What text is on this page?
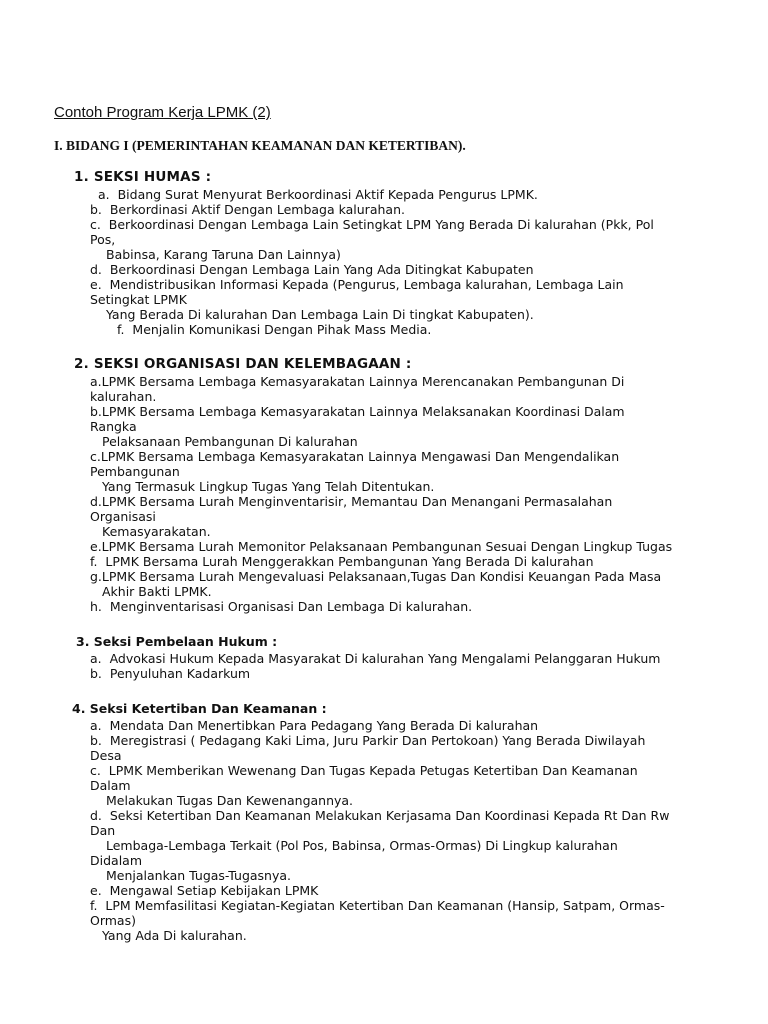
Contoh Program Kerja LPMK (2)
I. BIDANG I (PEMERINTAHAN KEAMANAN DAN KETERTIBAN).
1. SEKSI HUMAS :
a.  Bidang Surat Menyurat Berkoordinasi Aktif Kepada Pengurus LPMK.
b.  Berkordinasi Aktif Dengan Lembaga kalurahan.
c.  Berkoordinasi Dengan Lembaga Lain Setingkat LPM Yang Berada Di kalurahan (Pkk, Pol
Pos,
Babinsa, Karang Taruna Dan Lainnya)
d.  Berkoordinasi Dengan Lembaga Lain Yang Ada Ditingkat Kabupaten
e.  Mendistribusikan Informasi Kepada (Pengurus, Lembaga kalurahan, Lembaga Lain
Setingkat LPMK
Yang Berada Di kalurahan Dan Lembaga Lain Di tingkat Kabupaten).
f.  Menjalin Komunikasi Dengan Pihak Mass Media.
2. SEKSI ORGANISASI DAN KELEMBAGAAN :
a.LPMK Bersama Lembaga Kemasyarakatan Lainnya Merencanakan Pembangunan Di
kalurahan.
b.LPMK Bersama Lembaga Kemasyarakatan Lainnya Melaksanakan Koordinasi Dalam
Rangka
Pelaksanaan Pembangunan Di kalurahan
c.LPMK Bersama Lembaga Kemasyarakatan Lainnya Mengawasi Dan Mengendalikan
Pembangunan
Yang Termasuk Lingkup Tugas Yang Telah Ditentukan.
d.LPMK Bersama Lurah Menginventarisir, Memantau Dan Menangani Permasalahan
Organisasi
Kemasyarakatan.
e.LPMK Bersama Lurah Memonitor Pelaksanaan Pembangunan Sesuai Dengan Lingkup Tugas
f.  LPMK Bersama Lurah Menggerakkan Pembangunan Yang Berada Di kalurahan
g.LPMK Bersama Lurah Mengevaluasi Pelaksanaan,Tugas Dan Kondisi Keuangan Pada Masa
Akhir Bakti LPMK.
h.  Menginventarisasi Organisasi Dan Lembaga Di kalurahan.
3. Seksi Pembelaan Hukum :
a.  Advokasi Hukum Kepada Masyarakat Di kalurahan Yang Mengalami Pelanggaran Hukum
b.  Penyuluhan Kadarkum
4. Seksi Ketertiban Dan Keamanan :
a.  Mendata Dan Menertibkan Para Pedagang Yang Berada Di kalurahan
b.  Meregistrasi ( Pedagang Kaki Lima, Juru Parkir Dan Pertokoan) Yang Berada Diwilayah
Desa
c.  LPMK Memberikan Wewenang Dan Tugas Kepada Petugas Ketertiban Dan Keamanan
Dalam
Melakukan Tugas Dan Kewenangannya.
d.  Seksi Ketertiban Dan Keamanan Melakukan Kerjasama Dan Koordinasi Kepada Rt Dan Rw
Dan
Lembaga-Lembaga Terkait (Pol Pos, Babinsa, Ormas-Ormas) Di Lingkup kalurahan
Didalam
Menjalankan Tugas-Tugasnya.
e.  Mengawal Setiap Kebijakan LPMK
f.  LPM Memfasilitasi Kegiatan-Kegiatan Ketertiban Dan Keamanan (Hansip, Satpam, Ormas-
Ormas)
Yang Ada Di kalurahan.
